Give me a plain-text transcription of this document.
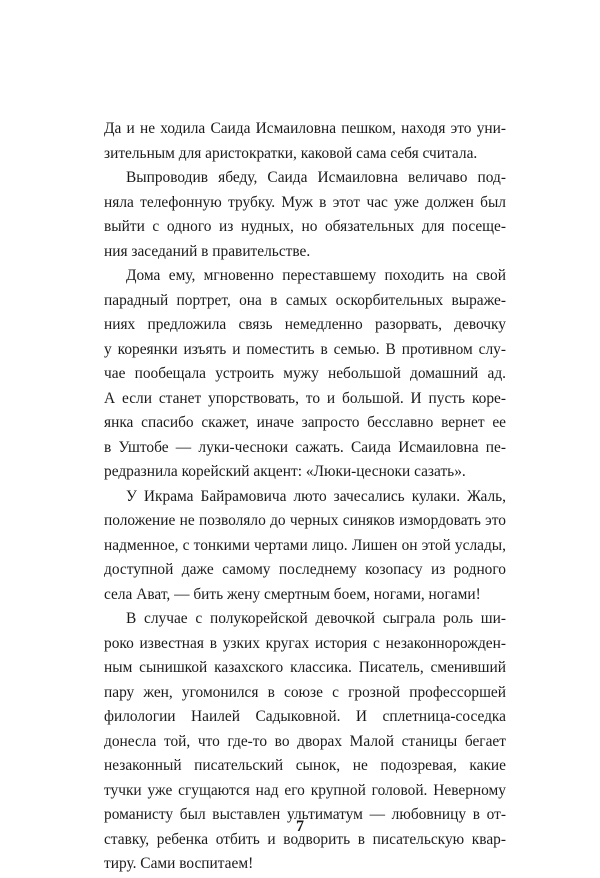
Да и не ходила Саида Исмаиловна пешком, находя это уни-
зительным для аристократки, каковой сама себя считала.
Выпроводив ябеду, Саида Исмаиловна величаво под-
няла телефонную трубку. Муж в этот час уже должен был
выйти с одного из нудных, но обязательных для посеще-
ния заседаний в правительстве.
Дома ему, мгновенно переставшему походить на свой
парадный портрет, она в самых оскорбительных выраже-
ниях предложила связь немедленно разорвать, девочку
у кореянки изъять и поместить в семью. В противном слу-
чае пообещала устроить мужу небольшой домашний ад.
А если станет упорствовать, то и большой. И пусть коре-
янка спасибо скажет, иначе запросто бесславно вернет ее
в Уштобе — луки-чесноки сажать. Саида Исмаиловна пе-
редразнила корейский акцент: «Люки-цесноки сазать».
У Икрама Байрамовича люто зачесались кулаки. Жаль,
положение не позволяло до черных синяков измордовать это
надменное, с тонкими чертами лицо. Лишен он этой услады,
доступной даже самому последнему козопасу из родного
села Ават, — бить жену смертным боем, ногами, ногами!
В случае с полукорейской девочкой сыграла роль ши-
роко известная в узких кругах история с незаконнорожден-
ным сынишкой казахского классика. Писатель, сменивший
пару жен, угомонился в союзе с грозной профессоршей
филологии Наилей Садыковной. И сплетница-соседка
донесла той, что где-то во дворах Малой станицы бегает
незаконный писательский сынок, не подозревая, какие
тучки уже сгущаются над его крупной головой. Неверному
романисту был выставлен ультиматум — любовницу в от-
ставку, ребенка отбить и водворить в писательскую квар-
тиру. Сами воспитаем!
7
